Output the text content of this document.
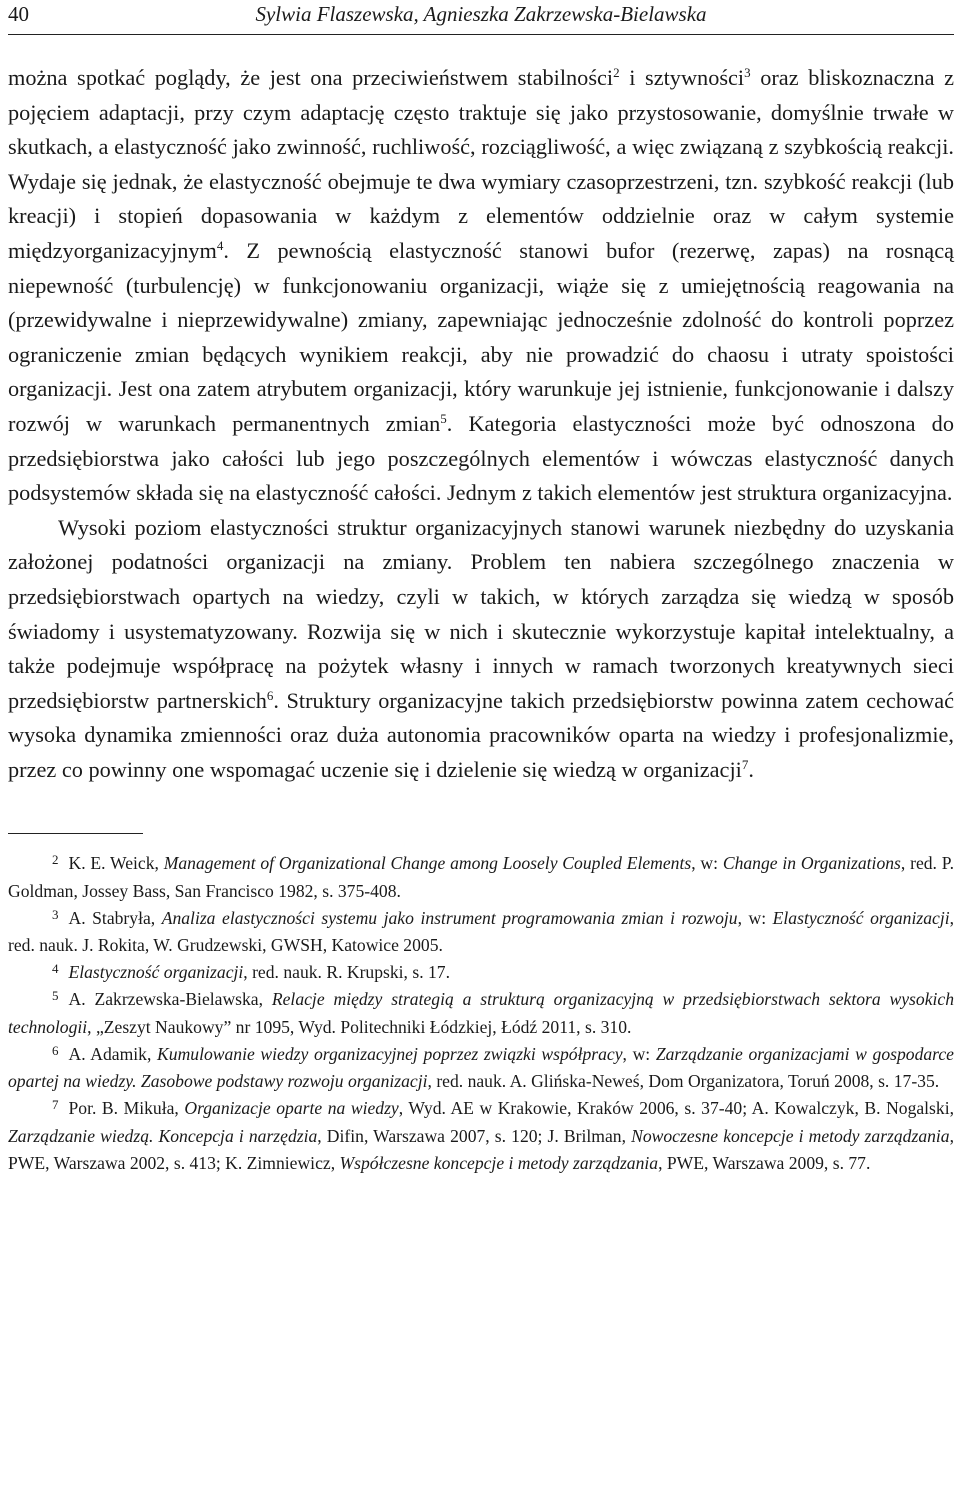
40	Sylwia Flaszewska, Agnieszka Zakrzewska-Bielawska

można spotkać poglądy, że jest ona przeciwieństwem stabilności$^2$ i sztywności$^3$ oraz bliskoznaczna z pojęciem adaptacji, przy czym adaptację często traktuje się jako przystosowanie, domyślnie trwałe w skutkach, a elastyczność jako zwinność, ruchliwość, rozciągliwość, a więc związaną z szybkością reakcji. Wydaje się jednak, że elastyczność obejmuje te dwa wymiary czasoprzestrzeni, tzn. szybkość reakcji (lub kreacji) i stopień dopasowania w każdym z elementów oddzielnie oraz w całym systemie międzyorganizacyjnym$^4$. Z pewnością elastyczność stanowi bufor (rezerwę, zapas) na rosnącą niepewność (turbulencję) w funkcjonowaniu organizacji, wiąże się z umiejętnością reagowania na (przewidywalne i nieprzewidywalne) zmiany, zapewniając jednocześnie zdolność do kontroli poprzez ograniczenie zmian będących wynikiem reakcji, aby nie prowadzić do chaosu i utraty spoistości organizacji. Jest ona zatem atrybutem organizacji, który warunkuje jej istnienie, funkcjonowanie i dalszy rozwój w warunkach permanentnych zmian$^5$. Kategoria elastyczności może być odnoszona do przedsiębiorstwa jako całości lub jego poszczególnych elementów i wówczas elastyczność danych podsystemów składa się na elastyczność całości. Jednym z takich elementów jest struktura organizacyjna.

Wysoki poziom elastyczności struktur organizacyjnych stanowi warunek niezbędny do uzyskania założonej podatności organizacji na zmiany. Problem ten nabiera szczególnego znaczenia w przedsiębiorstwach opartych na wiedzy, czyli w takich, w których zarządza się wiedzą w sposób świadomy i usystematyzowany. Rozwija się w nich i skutecznie wykorzystuje kapitał intelektualny, a także podejmuje współpracę na pożytek własny i innych w ramach tworzonych kreatywnych sieci przedsiębiorstw partnerskich$^6$. Struktury organizacyjne takich przedsiębiorstw powinna zatem cechować wysoka dynamika zmienności oraz duża autonomia pracowników oparta na wiedzy i profesjonalizmie, przez co powinny one wspomagać uczenie się i dzielenie się wiedzą w organizacji$^7$.

$^2$ K. E. Weick, Management of Organizational Change among Loosely Coupled Elements, w: Change in Organizations, red. P. Goldman, Jossey Bass, San Francisco 1982, s. 375-408.

$^3$ A. Stabryła, Analiza elastyczności systemu jako instrument programowania zmian i rozwoju, w: Elastyczność organizacji, red. nauk. J. Rokita, W. Grudzewski, GWSH, Katowice 2005.

$^4$ Elastyczność organizacji, red. nauk. R. Krupski, s. 17.

$^5$ A. Zakrzewska-Bielawska, Relacje między strategią a strukturą organizacyjną w przedsiębiorstwach sektora wysokich technologii, „Zeszyt Naukowy” nr 1095, Wyd. Politechniki Łódzkiej, Łódź 2011, s. 310.

$^6$ A. Adamik, Kumulowanie wiedzy organizacyjnej poprzez związki współpracy, w: Zarządzanie organizacjami w gospodarce opartej na wiedzy. Zasobowe podstawy rozwoju organizacji, red. nauk. A. Glińska-Neweś, Dom Organizatora, Toruń 2008, s. 17-35.

$^7$ Por. B. Mikuła, Organizacje oparte na wiedzy, Wyd. AE w Krakowie, Kraków 2006, s. 37-40; A. Kowalczyk, B. Nogalski, Zarządzanie wiedzą. Koncepcja i narzędzia, Difin, Warszawa 2007, s. 120; J. Brilman, Nowoczesne koncepcje i metody zarządzania, PWE, Warszawa 2002, s. 413; K. Zimniewicz, Współczesne koncepcje i metody zarządzania, PWE, Warszawa 2009, s. 77.
